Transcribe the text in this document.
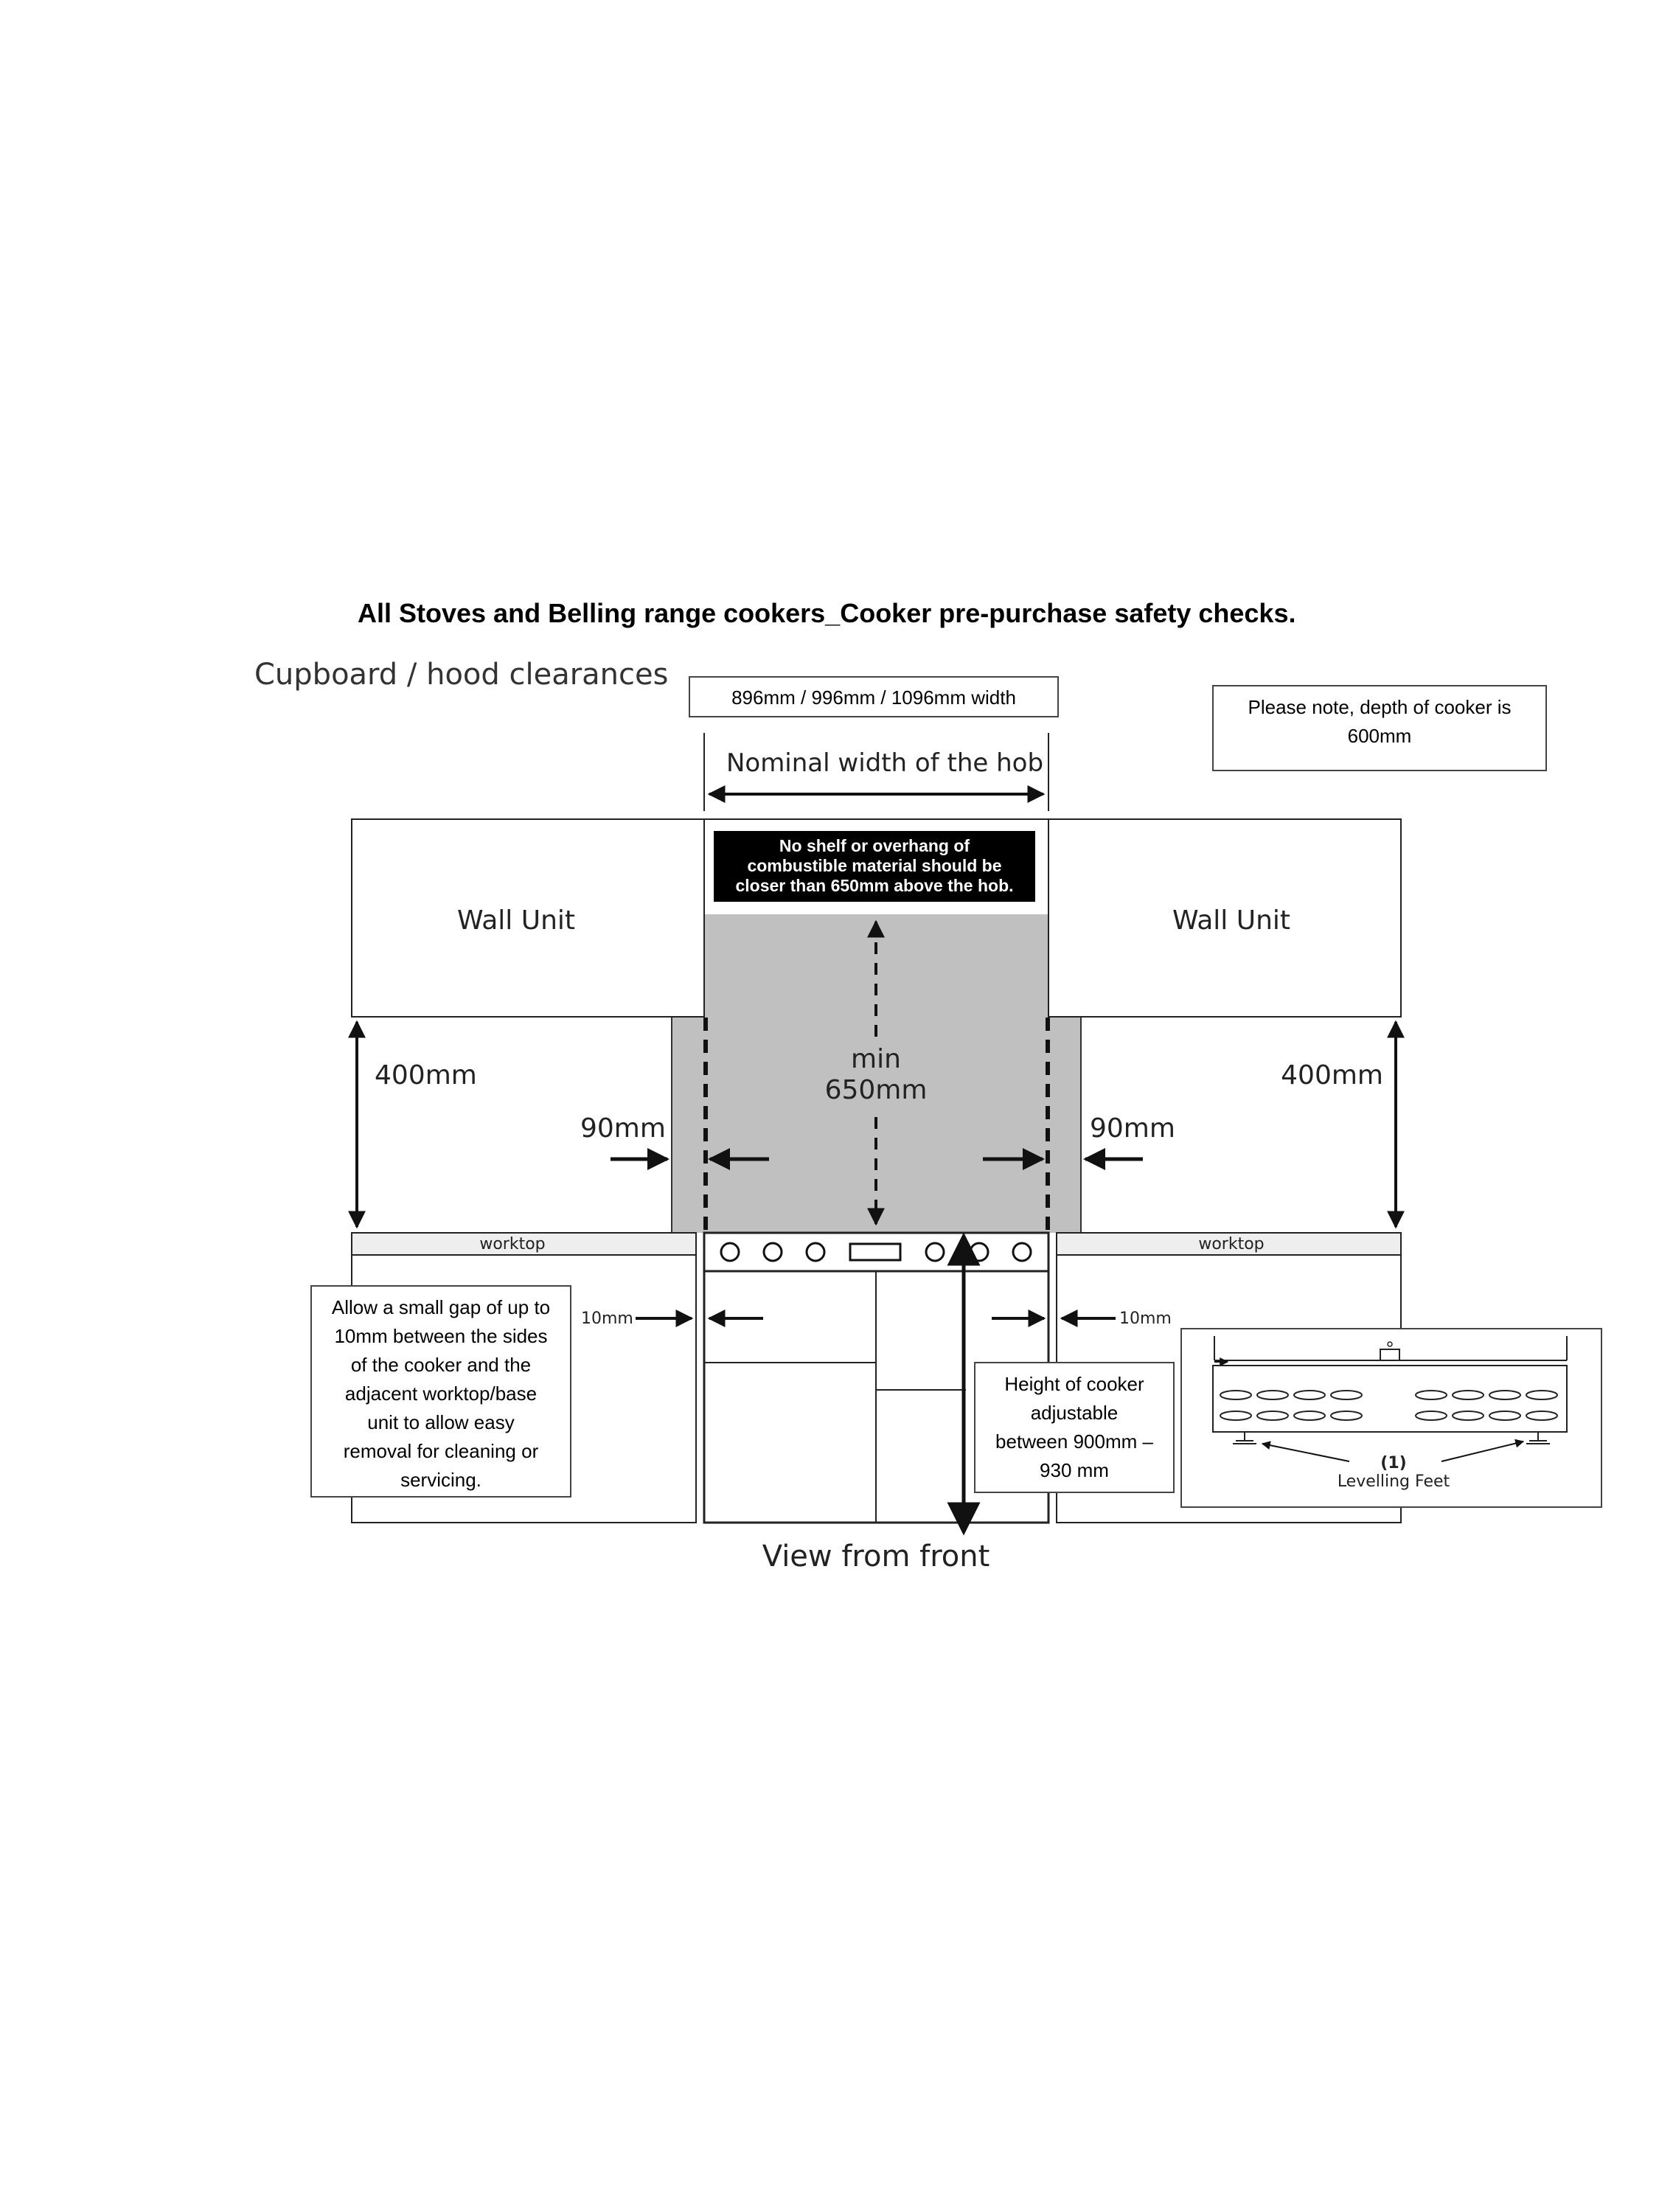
All Stoves and Belling range cookers_Cooker pre-purchase safety checks.
Cupboard / hood clearances
896mm / 996mm / 1096mm width	Please note, depth of cooker is
600mm
Nominal width of the hob
Wall Unit	Wall Unit
No shelf or overhang of
combustible material should be
closer than 650mm above the hob.
min
650mm
400mm	400mm
90mm	90mm
worktop	worktop
10mm	10mm
Allow a small gap of up to
10mm between the sides
of the cooker and the
adjacent worktop/base
unit to allow easy
removal for cleaning or
servicing.
Height of cooker
adjustable
between 900mm –
930 mm	(1)
Levelling Feet
View from front
